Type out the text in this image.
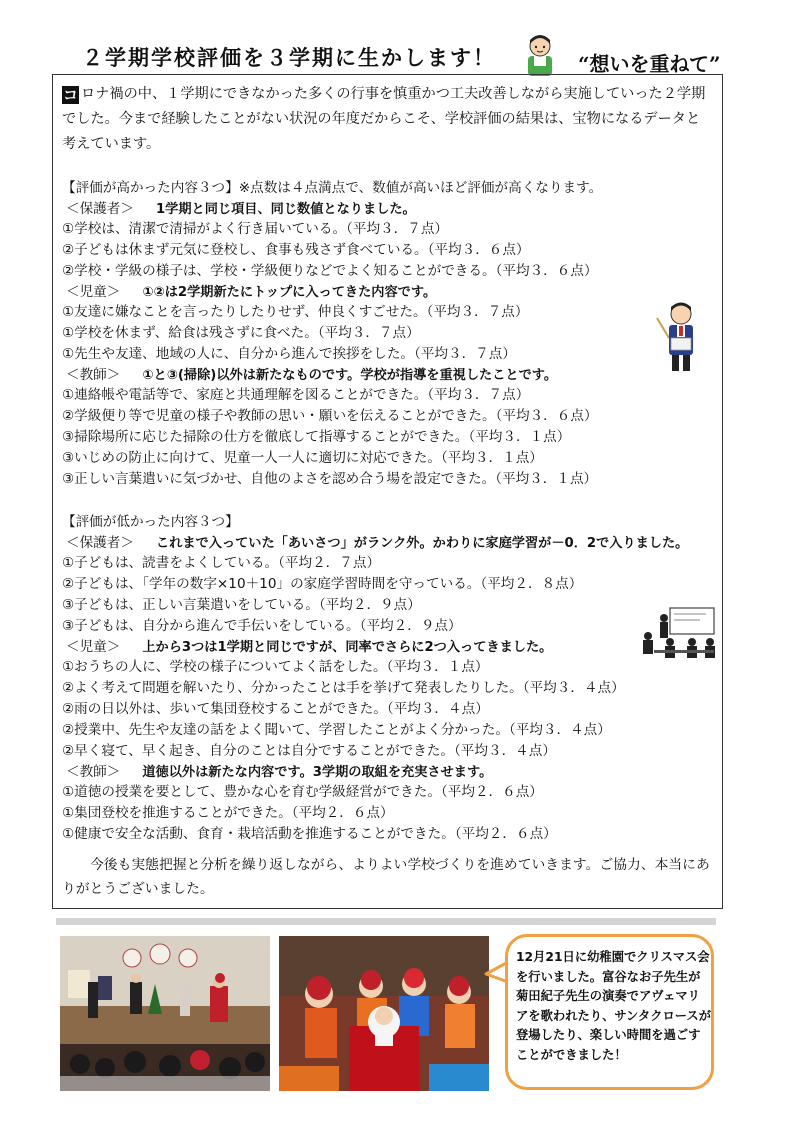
２学期学校評価を３学期に生かします！	“想いを重ねて”
コ ロナ禍の中、１学期にできなかった多くの行事を慎重かつ工夫改善しながら実施していった２学期でした。今まで経験したことがない状況の年度だからこそ、学校評価の結果は、宝物になるデータと考えています。
【評価が高かった内容３つ】※点数は４点満点で、数値が高いほど評価が高くなります。
＜保護者＞ 1学期と同じ項目、同じ数値となりました。
①学校は、清潔で清掃がよく行き届いている。（平均３．７点）
②子どもは休まず元気に登校し、食事も残さず食べている。（平均３．６点）
②学校・学級の様子は、学校・学級便りなどでよく知ることができる。（平均３．６点）
＜児童＞ ①②は2学期新たにトップに入ってきた内容です。
①友達に嫌なことを言ったりしたりせず、仲良くすごせた。（平均３．７点）
①学校を休まず、給食は残さずに食べた。（平均３．７点）
①先生や友達、地域の人に、自分から進んで挨拶をした。（平均３．７点）
＜教師＞ ①と③(掃除)以外は新たなものです。学校が指導を重視したことです。
①連絡帳や電話等で、家庭と共通理解を図ることができた。（平均３．７点）
②学級便り等で児童の様子や教師の思い・願いを伝えることができた。（平均３．６点）
③掃除場所に応じた掃除の仕方を徹底して指導することができた。（平均３．１点）
③いじめの防止に向けて、児童一人一人に適切に対応できた。（平均３．１点）
③正しい言葉遣いに気づかせ、自他のよさを認め合う場を設定できた。（平均３．１点）
【評価が低かった内容３つ】
＜保護者＞ これまで入っていた「あいさつ」がランク外。かわりに家庭学習が－0．2で入りました。
①子どもは、読書をよくしている。（平均２．７点）
②子どもは、「学年の数字×10＋10」の家庭学習時間を守っている。（平均２．８点）
③子どもは、正しい言葉遣いをしている。（平均２．９点）
③子どもは、自分から進んで手伝いをしている。（平均２．９点）
＜児童＞ 上から3つは1学期と同じですが、同率でさらに2つ入ってきました。
①おうちの人に、学校の様子についてよく話をした。（平均３．１点）
②よく考えて問題を解いたり、分かったことは手を挙げて発表したりした。（平均３．４点）
②雨の日以外は、歩いて集団登校することができた。（平均３．４点）
②授業中、先生や友達の話をよく聞いて、学習したことがよく分かった。（平均３．４点）
②早く寝て、早く起き、自分のことは自分ですることができた。（平均３．４点）
＜教師＞ 道徳以外は新たな内容です。3学期の取組を充実させます。
①道徳の授業を要として、豊かな心を育む学級経営ができた。（平均２．６点）
①集団登校を推進することができた。（平均２．６点）
①健康で安全な活動、食育・栽培活動を推進することができた。（平均２．６点）
今後も実態把握と分析を繰り返しながら、よりよい学校づくりを進めていきます。ご協力、本当にありがとうございました。
12月21日に幼稚園でクリスマス会を行いました。富谷なお子先生が菊田紀子先生の演奏でアヴェマリアを歌われたり、サンタクロースが登場したり、楽しい時間を過ごすことができました！
